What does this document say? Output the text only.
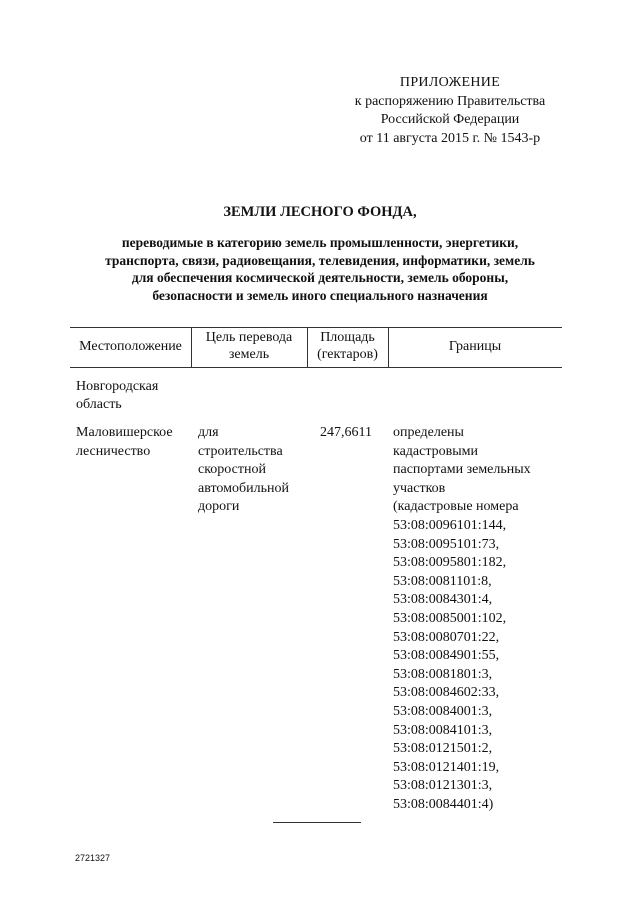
ПРИЛОЖЕНИЕ
к распоряжению Правительства
Российской Федерации
от 11 августа 2015 г. № 1543-р
ЗЕМЛИ ЛЕСНОГО ФОНДА,
переводимые в категорию земель промышленности, энергетики,
транспорта, связи, радиовещания, телевидения, информатики, земель
для обеспечения космической деятельности, земель обороны,
безопасности и земель иного специального назначения
Местоположение
Цель перевода
земель
Площадь
(гектаров)
Границы
Новгородская
область
Маловишерское
лесничество
для
строительства
скоростной
автомобильной
дороги
247,6611 определены
кадастровыми
паспортами земельных
участков
(кадастровые номера
53:08:0096101:144,
53:08:0095101:73,
53:08:0095801:182,
53:08:0081101:8,
53:08:0084301:4,
53:08:0085001:102,
53:08:0080701:22,
53:08:0084901:55,
53:08:0081801:3,
53:08:0084602:33,
53:08:0084001:3,
53:08:0084101:3,
53:08:0121501:2,
53:08:0121401:19,
53:08:0121301:3,
53:08:0084401:4)
2721327
